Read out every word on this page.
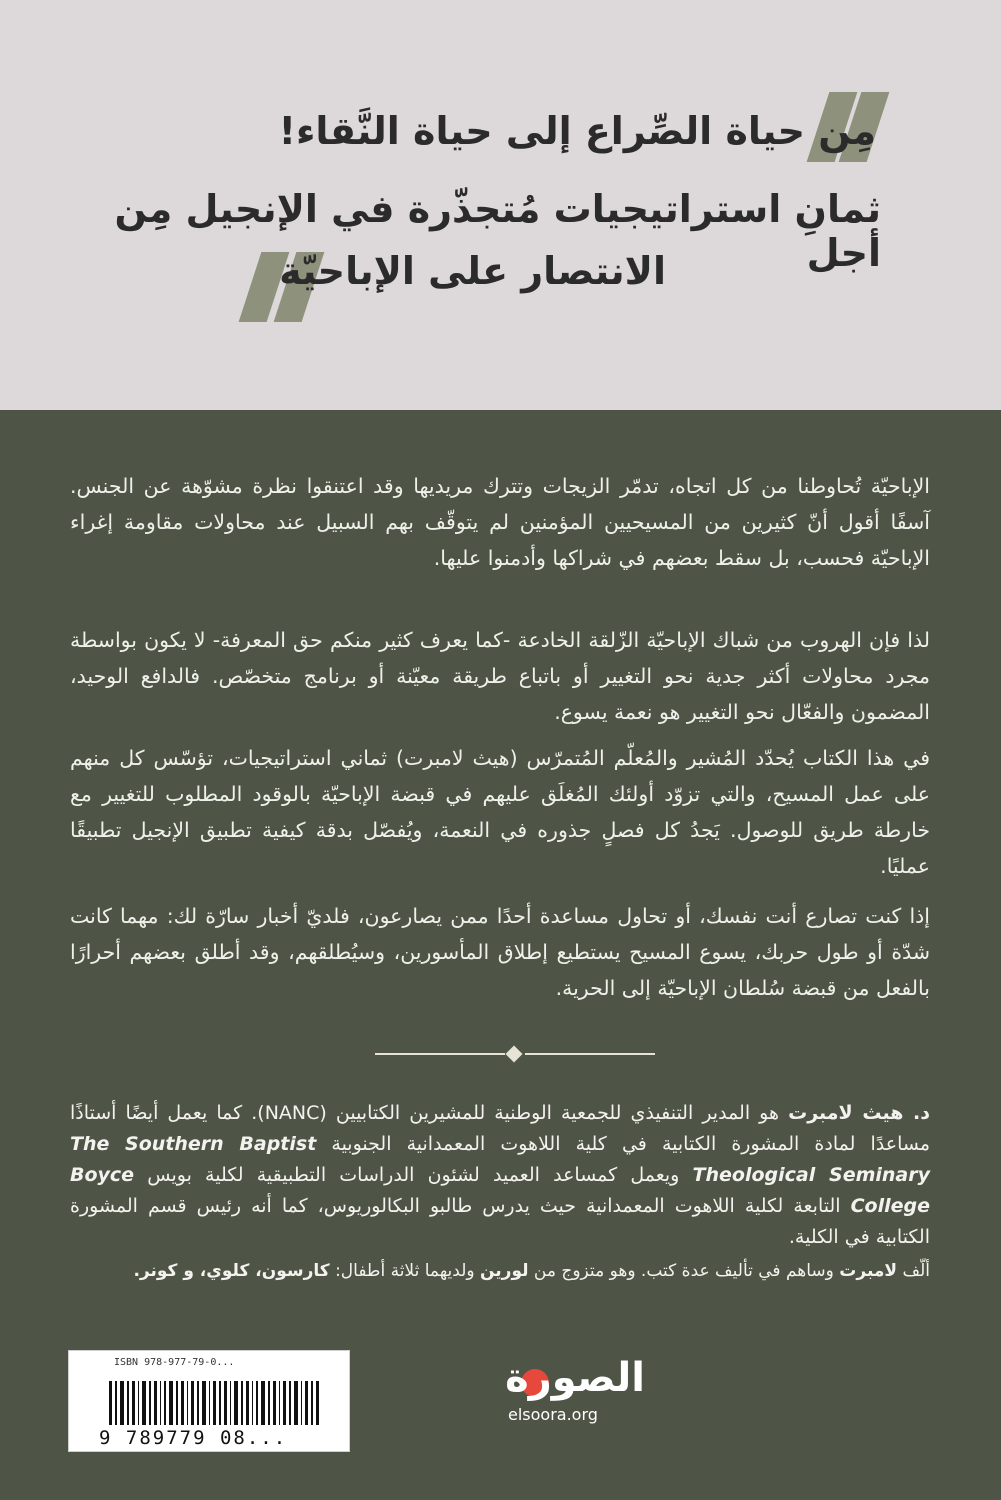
مِن حياة الصِّراع إلى حياة النَّقاء!
ثمانِ استراتيجيات مُتجذّرة في الإنجيل مِن أجل
الانتصار على الإباحيّة
الإباحيّة تُحاوطنا من كل اتجاه، تدمّر الزيجات وتترك مريديها وقد اعتنقوا نظرة مشوّهة عن الجنس. آسفًا أقول أنّ كثيرين من المسيحيين المؤمنين لم يتوقّف بهم السبيل عند محاولات مقاومة إغراء الإباحيّة فحسب، بل سقط بعضهم في شراكها وأدمنوا عليها.
لذا فإن الهروب من شباك الإباحيّة الزّلقة الخادعة -كما يعرف كثير منكم حق المعرفة- لا يكون بواسطة مجرد محاولات أكثر جدية نحو التغيير أو باتباع طريقة معيّنة أو برنامج متخصّص. فالدافع الوحيد، المضمون والفعّال نحو التغيير هو نعمة يسوع.
في هذا الكتاب يُحدّد المُشير والمُعلّم المُتمرّس (هيث لامبرت) ثماني استراتيجيات، تؤسّس كل منهم على عمل المسيح، والتي تزوّد أولئك المُغلَق عليهم في قبضة الإباحيّة بالوقود المطلوب للتغيير مع خارطة طريق للوصول. يَجدُ كل فصلٍ جذوره في النعمة، ويُفصّل بدقة كيفية تطبيق الإنجيل تطبيقًا عمليًا.
إذا كنت تصارع أنت نفسك، أو تحاول مساعدة أحدًا ممن يصارعون، فلديّ أخبار سارّة لك: مهما كانت شدّة أو طول حربك، يسوع المسيح يستطيع إطلاق المأسورين، وسيُطلقهم، وقد أطلق بعضهم أحرارًا بالفعل من قبضة سُلطان الإباحيّة إلى الحرية.
د. هيث لامبرت هو المدير التنفيذي للجمعية الوطنية للمشيرين الكتابيين (NANC). كما يعمل أيضًا أستاذًا مساعدًا لمادة المشورة الكتابية في كلية اللاهوت المعمدانية الجنوبية The Southern Baptist Theological Seminary ويعمل كمساعد العميد لشئون الدراسات التطبيقية لكلية بويس Boyce College التابعة لكلية اللاهوت المعمدانية حيث يدرس طالبو البكالوريوس، كما أنه رئيس قسم المشورة الكتابية في الكلية.
ألّف لامبرت وساهم في تأليف عدة كتب. وهو متزوج من لورين ولديهما ثلاثة أطفال: كارسون، كلوي، و كونر.
ISBN 978-977-79-0...
9 789779 08...
الصورة
elsoora.org
